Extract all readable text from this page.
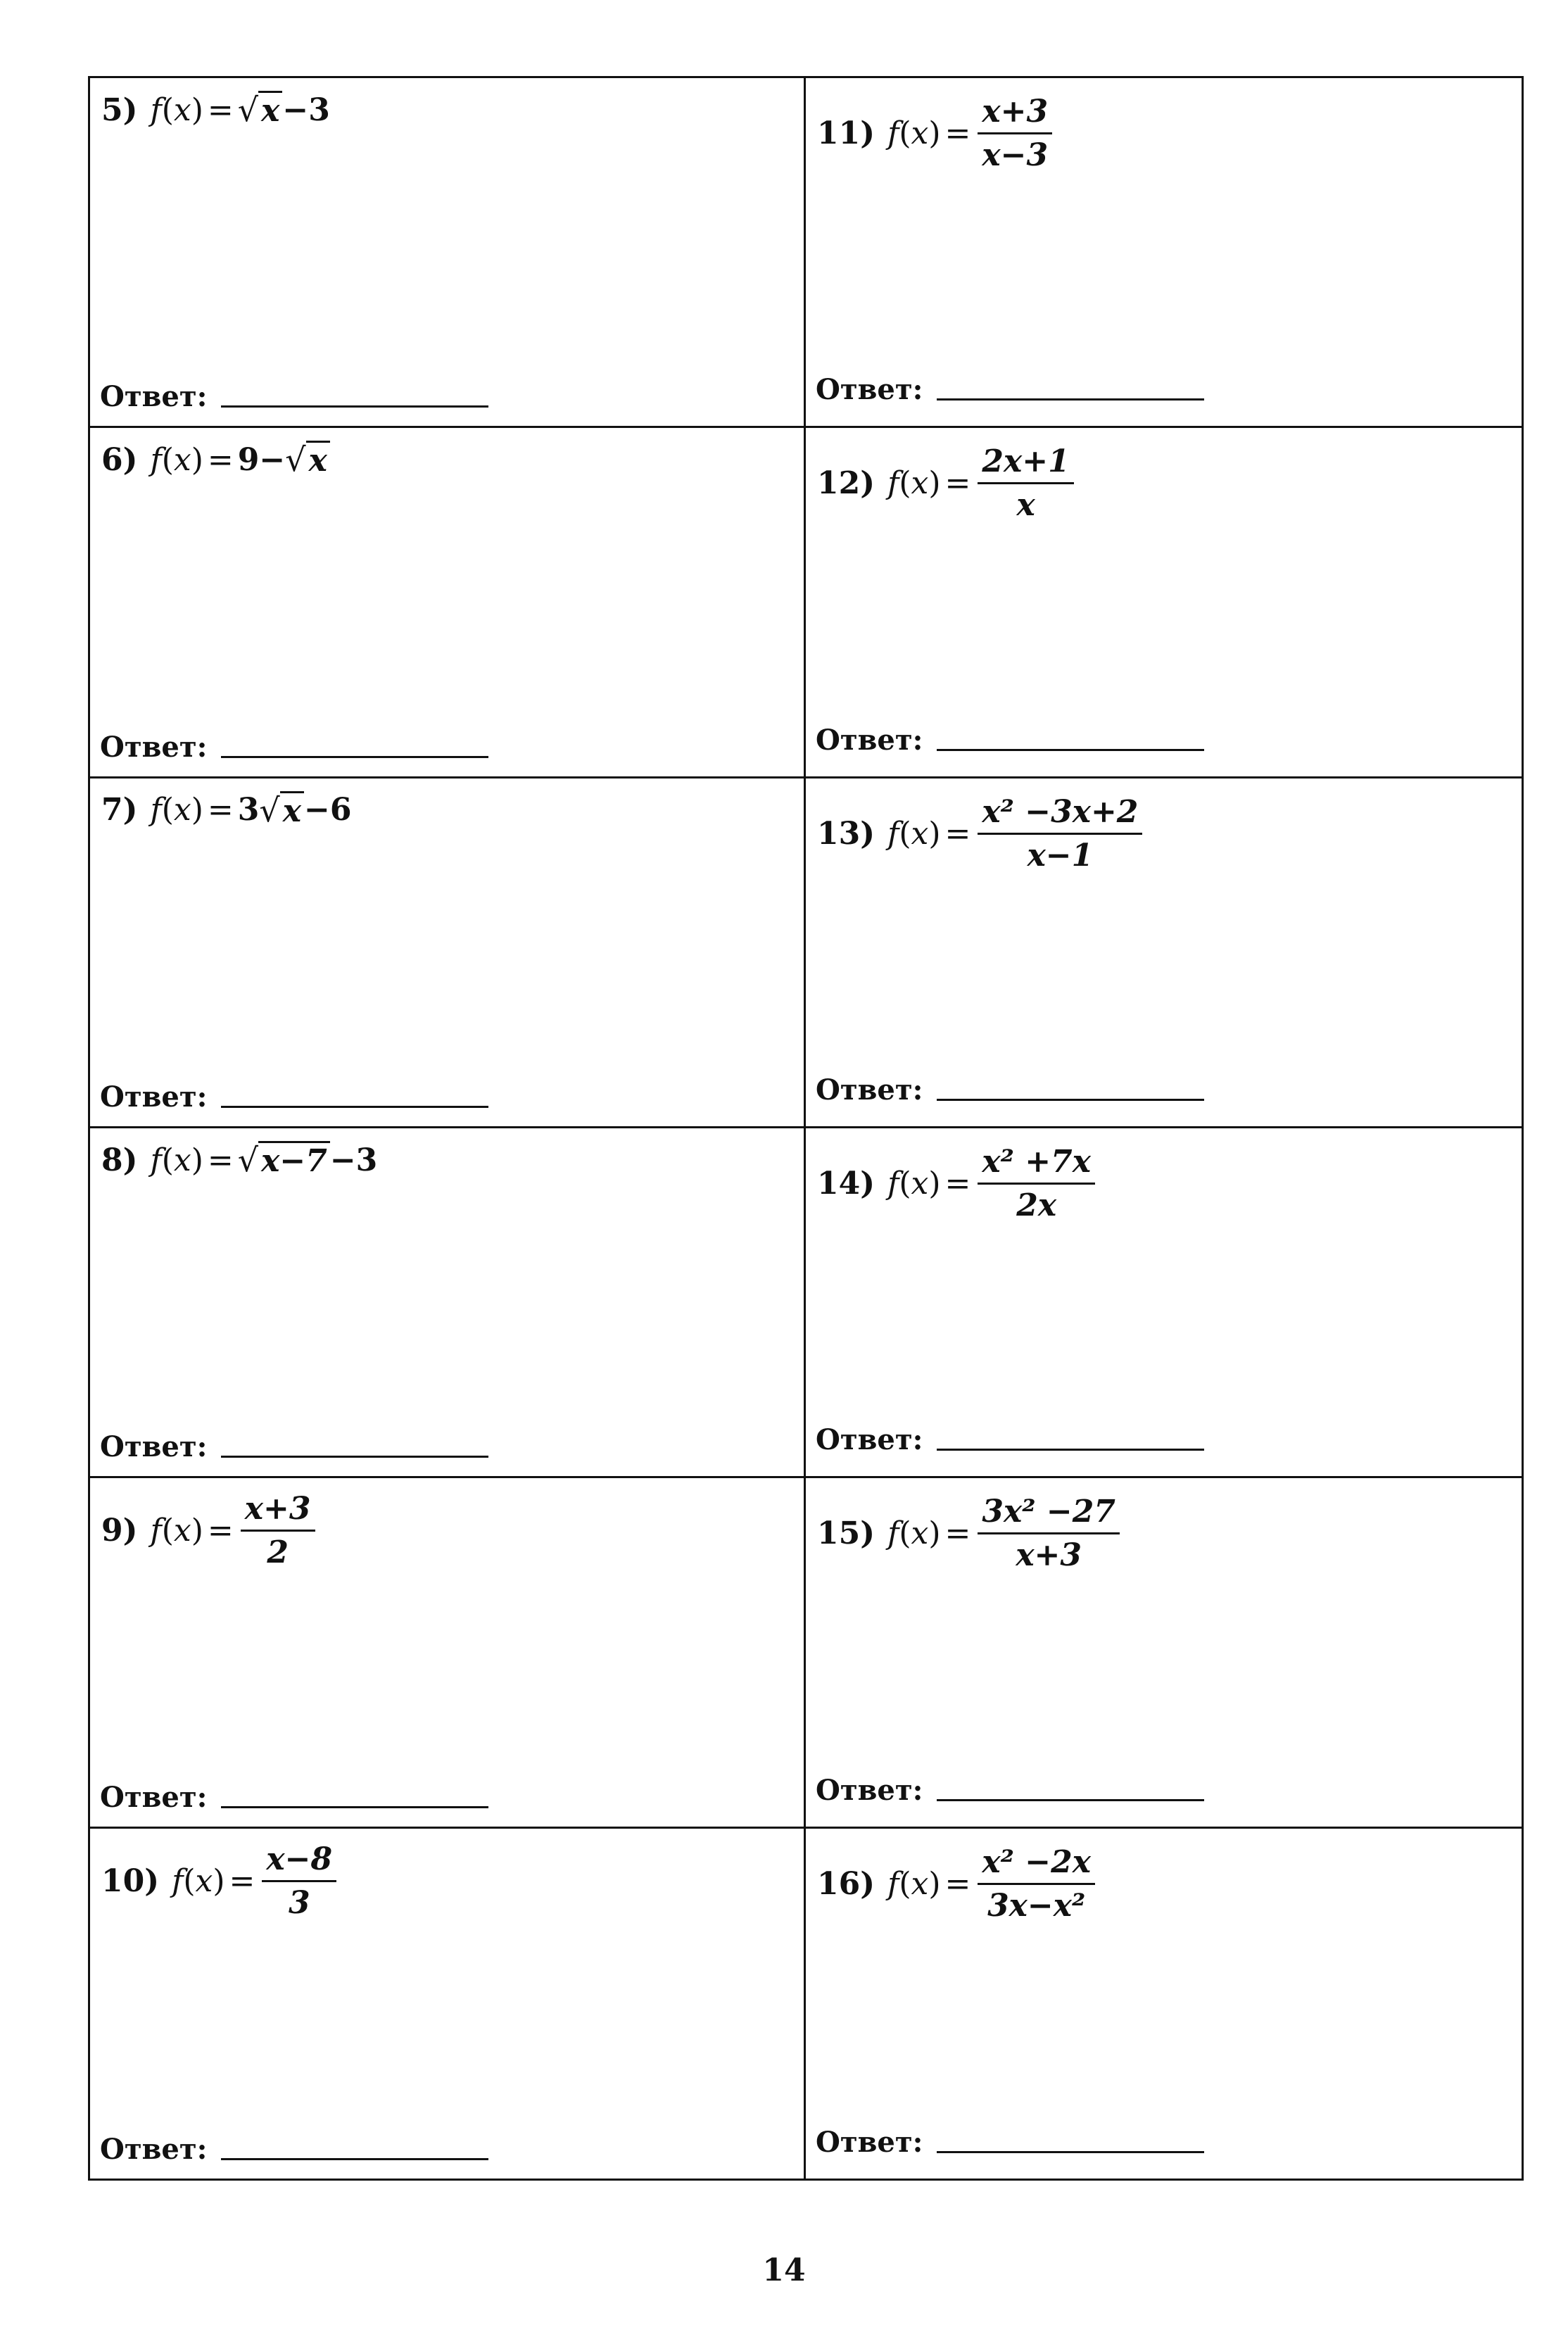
5) f ( x ) = √ x −3
Ответ:
11) f ( x ) = $\frac{x+3}{x-3}$
Ответ:
6) f ( x ) = 9− √ x
Ответ:
12) f ( x ) = $\frac{2x+1}{x}$
Ответ:
7) f ( x ) = 3 √ x −6
Ответ:
13) f ( x ) = $\frac{\text{x² −3x+2}}{x-1}$
Ответ:
8) f ( x ) = √ x−7 −3
Ответ:
14) f ( x ) = $\frac{\text{x² +7x}}{2x}$
Ответ:
9) f ( x ) = $\frac{x+3}{2}$
Ответ:
15) f ( x ) = $\frac{\text{3x² −27}}{x+3}$
Ответ:
10) f ( x ) = $\frac{x-8}{3}$
Ответ:
16) f ( x ) = $\frac{\text{x² −2x}}{\text{3x−x²}}$
Ответ:
14
